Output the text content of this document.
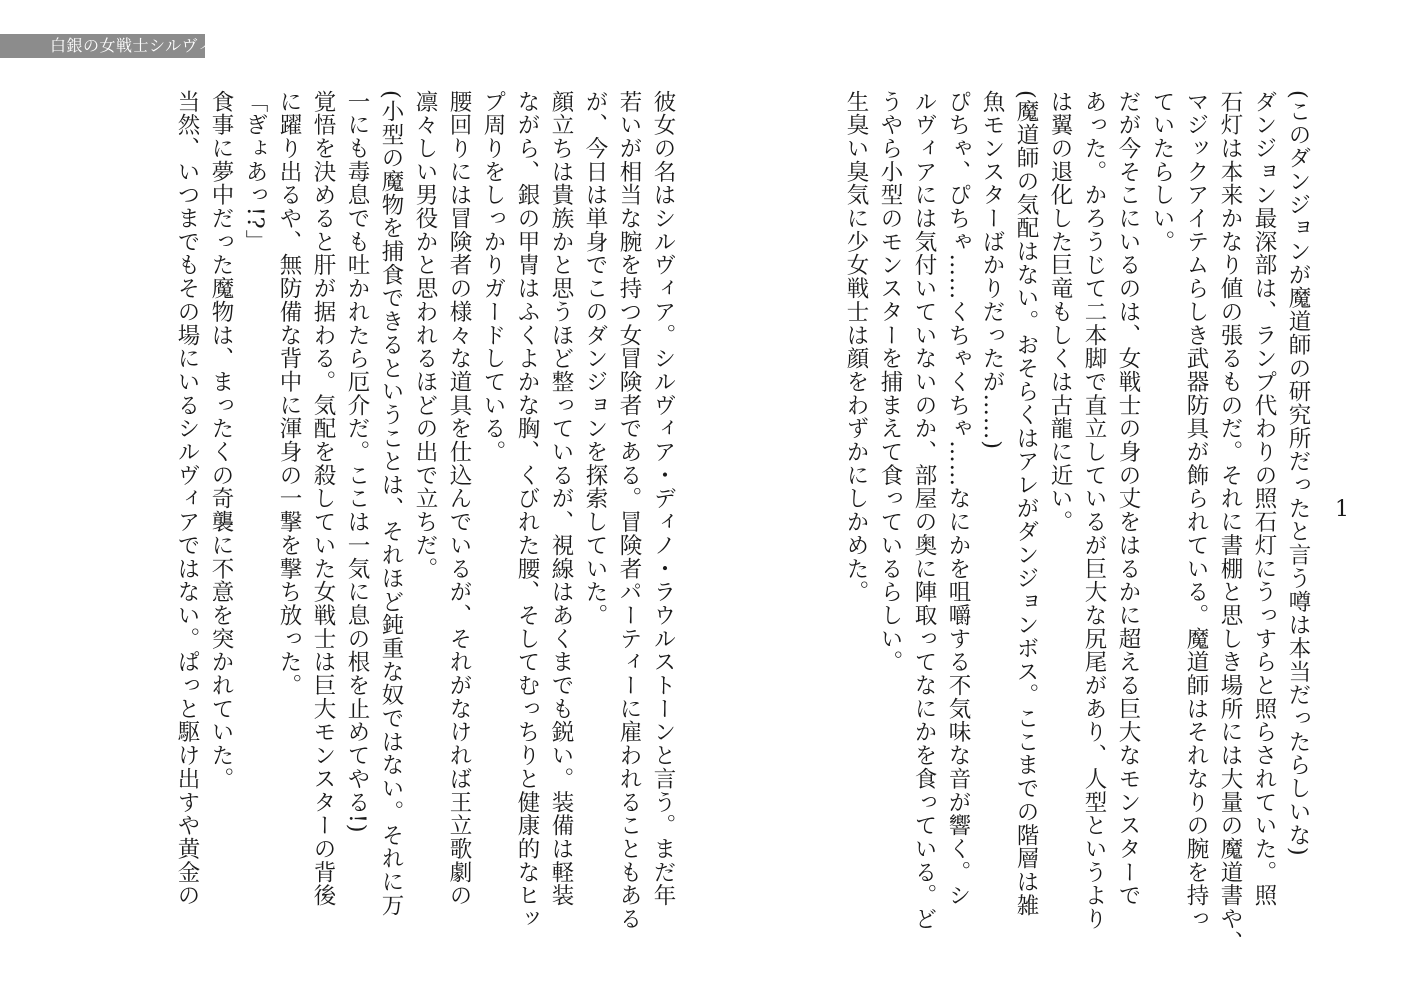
白銀の女戦士シルヴィア
1

(このダンジョンが魔道師の研究所だったと言う噂は本当だったらしいな)

ダンジョン最深部は、ランプ代わりの照石灯にうっすらと照らされていた。照

石灯は本来かなり値の張るものだ。それに書棚と思しき場所には大量の魔道書や、

マジックアイテムらしき武器防具が飾られている。魔道師はそれなりの腕を持っ

ていたらしい。

だが今そこにいるのは、女戦士の身の丈をはるかに超える巨大なモンスターで

あった。かろうじて二本脚で直立しているが巨大な尻尾があり、人型というより

は翼の退化した巨竜もしくは古龍に近い。

(魔道師の気配はない。おそらくはアレがダンジョンボス。ここまでの階層は雑

魚モンスターばかりだったが……)

ぴちゃ、ぴちゃ……くちゃくちゃ……なにかを咀嚼する不気味な音が響く。シ

ルヴィアには気付いていないのか、部屋の奥に陣取ってなにかを食っている。ど

うやら小型のモンスターを捕まえて食っているらしい。

生臭い臭気に少女戦士は顔をわずかにしかめた。

彼女の名はシルヴィア。シルヴィア・ディノ・ラウルストーンと言う。まだ年

若いが相当な腕を持つ女冒険者である。冒険者パーティーに雇われることもある

が、今日は単身でこのダンジョンを探索していた。

顔立ちは貴族かと思うほど整っているが、視線はあくまでも鋭い。装備は軽装

ながら、銀の甲冑はふくよかな胸、くびれた腰、そしてむっちりと健康的なヒッ

プ周りをしっかりガードしている。

腰回りには冒険者の様々な道具を仕込んでいるが、それがなければ王立歌劇の

凛々しい男役かと思われるほどの出で立ちだ。

(小型の魔物を捕食できるということは、それほど鈍重な奴ではない。それに万

一にも毒息でも吐かれたら厄介だ。ここは一気に息の根を止めてやる!)

覚悟を決めると肝が据わる。気配を殺していた女戦士は巨大モンスターの背後

に躍り出るや、無防備な背中に渾身の一撃を撃ち放った。

「ぎょあっ!?」

食事に夢中だった魔物は、まったくの奇襲に不意を突かれていた。

当然、いつまでもその場にいるシルヴィアではない。ぱっと駆け出すや黄金の
